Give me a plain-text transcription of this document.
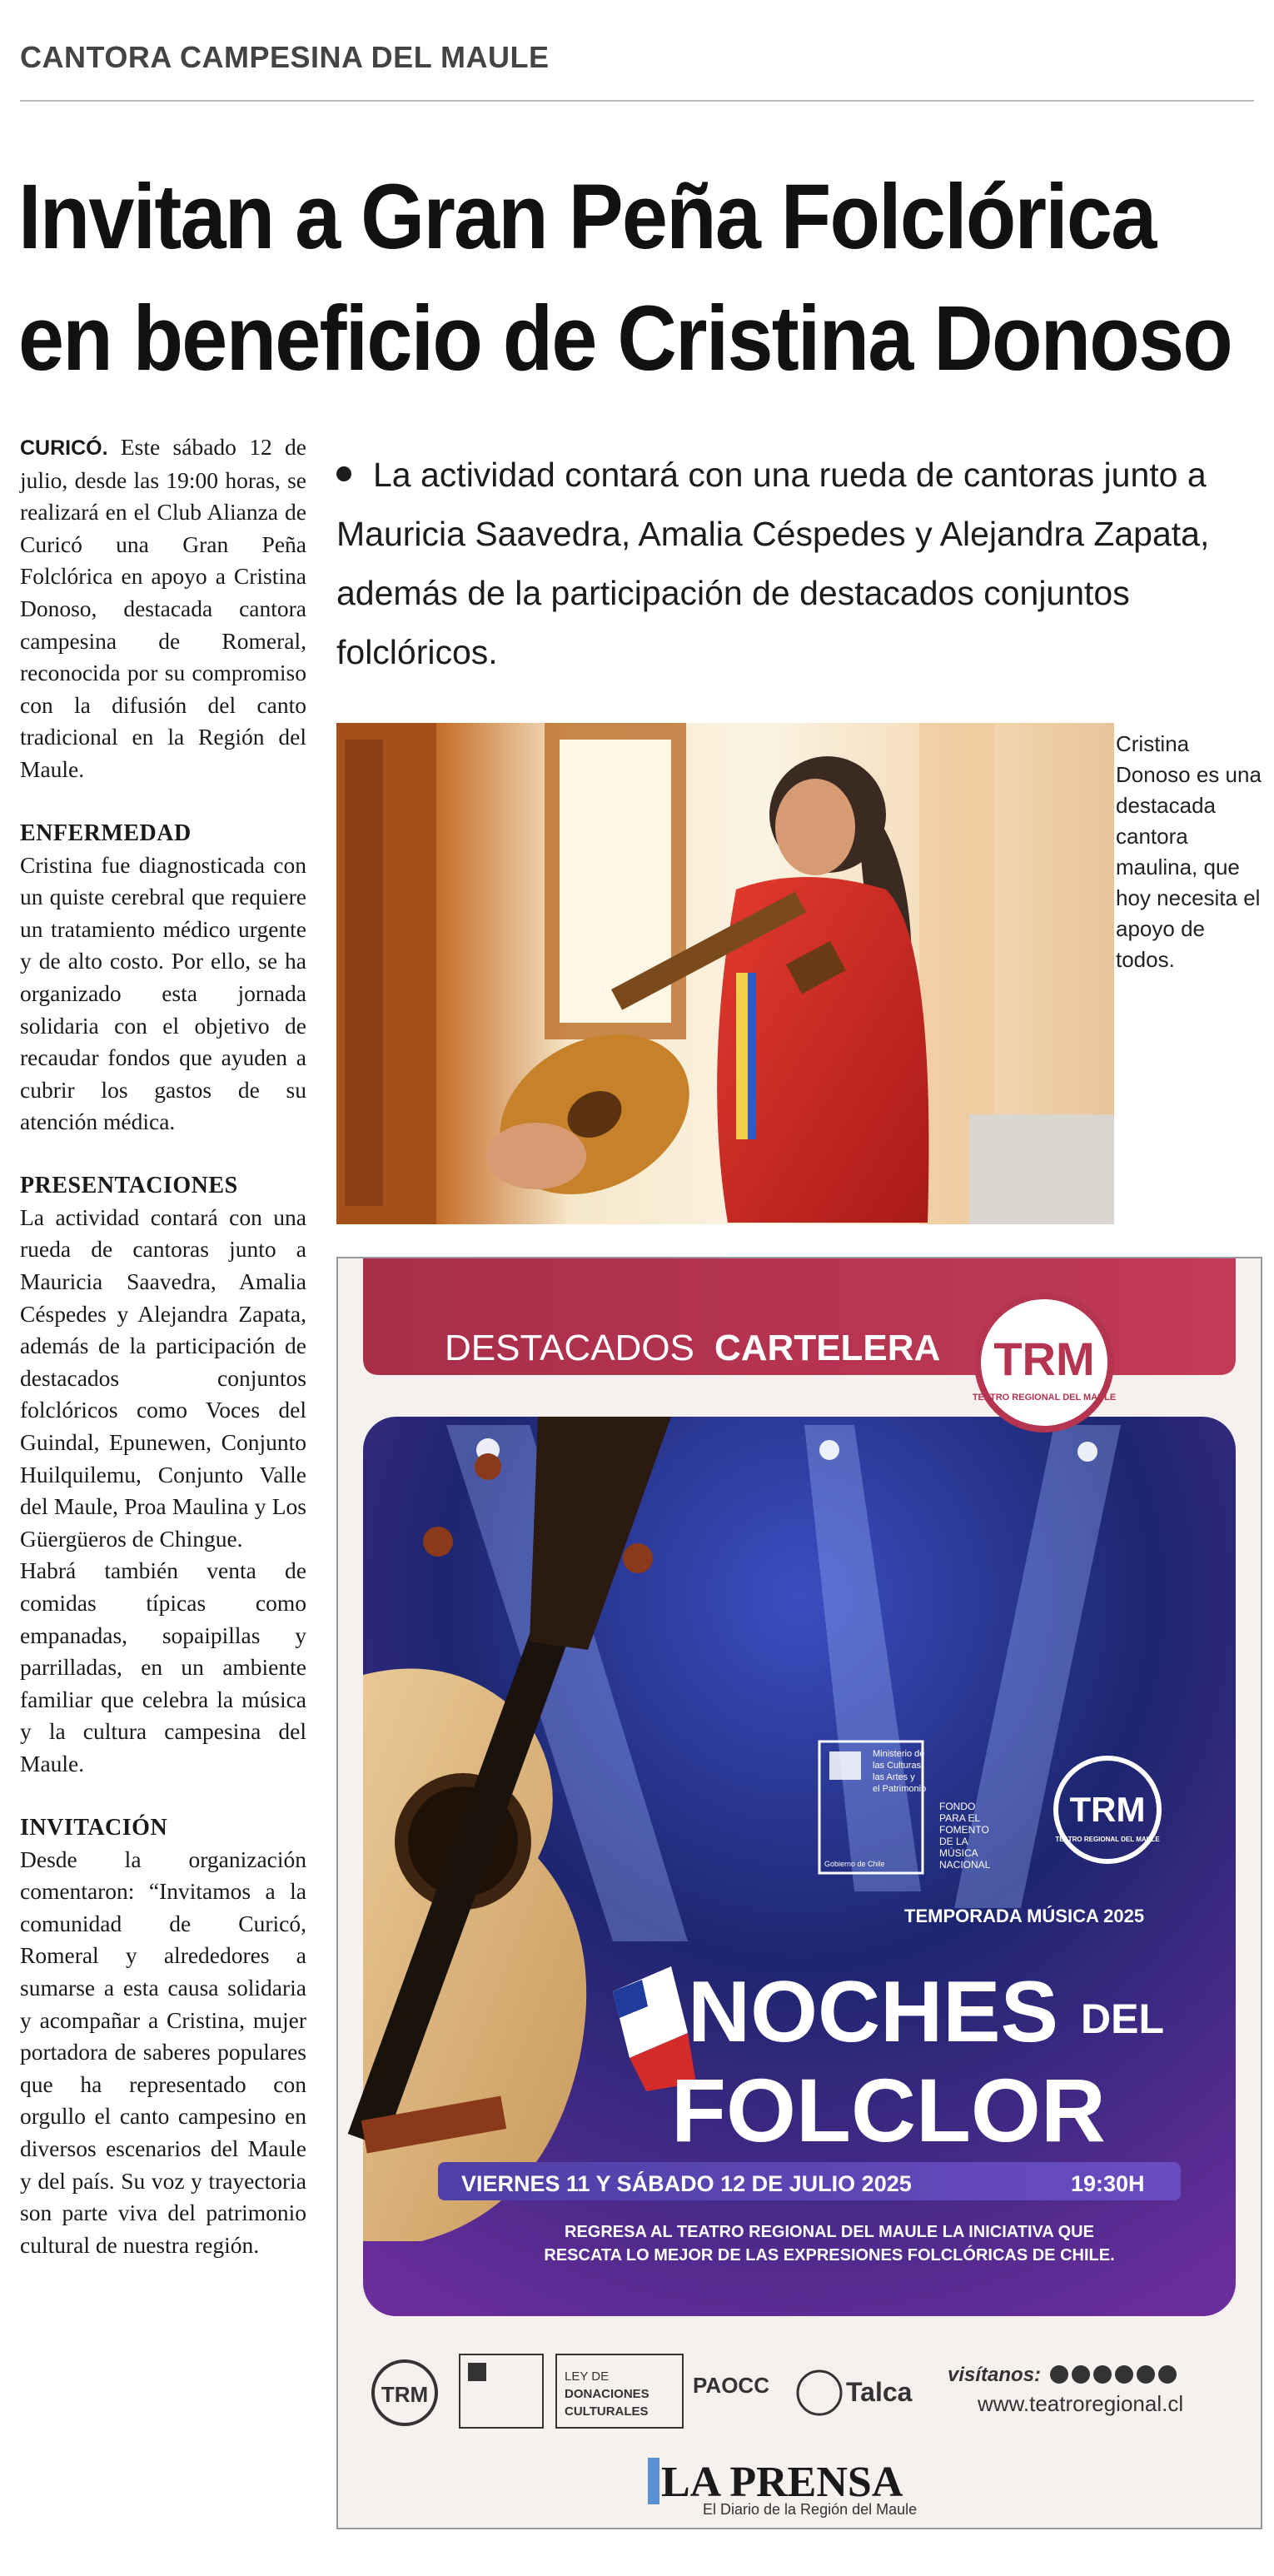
CANTORA CAMPESINA DEL MAULE
Invitan a Gran Peña Folclórica
en beneficio de Cristina Donoso

CURICÓ. Este sábado 12 de julio, desde las 19:00 horas, se realizará en el Club Alianza de Curicó una Gran Peña Folclórica en apoyo a Cristina Donoso, destacada cantora campesina de Romeral, reconocida por su compromiso con la difusión del canto tradicional en la Región del Maule.

ENFERMEDAD

Cristina fue diagnosticada con un quiste cerebral que requiere un tratamiento médico urgente y de alto costo. Por ello, se ha organizado esta jornada solidaria con el objetivo de recaudar fondos que ayuden a cubrir los gastos de su atención médica.

PRESENTACIONES

La actividad contará con una rueda de cantoras junto a Mauricia Saavedra, Amalia Céspedes y Alejandra Zapata, además de la participación de destacados conjuntos folclóricos como Voces del Guindal, Epunewen, Conjunto Huilquilemu, Conjunto Valle del Maule, Proa Maulina y Los Güergüeros de Chingue.

Habrá también venta de comidas típicas como empanadas, sopaipillas y parrilladas, en un ambiente familiar que celebra la música y la cultura campesina del Maule.

INVITACIÓN

Desde la organización comentaron: “Invitamos a la comunidad de Curicó, Romeral y alrededores a sumarse a esta causa solidaria y acompañar a Cristina, mujer portadora de saberes populares que ha representado con orgullo el canto campesino en diversos escenarios del Maule y del país. Su voz y trayectoria son parte viva del patrimonio cultural de nuestra región.

La actividad contará con una rueda de cantoras junto a Mauricia Saavedra, Amalia Céspedes y Alejandra Zapata, además de la participación de destacados conjuntos folclóricos.
Cristina Donoso es una destacada cantora maulina, que hoy necesita el apoyo de todos.
DESTACADOS CARTELERA TRM
TEATRO REGIONAL DEL MAULE
Ministerio de
las Culturas,
las Artes y
el Patrimonio
Gobierno de Chile
FONDO
PARA EL
FOMENTO
DE LA
MÚSICA
NACIONAL
TRM
TEATRO REGIONAL DEL MAULE
TEMPORADA MÚSICA 2025
NOCHES DEL
FOLCLOR
VIERNES 11 Y SÁBADO 12 DE JULIO 2025	19:30H
REGRESA AL TEATRO REGIONAL DEL MAULE LA INICIATIVA QUE
RESCATA LO MEJOR DE LAS EXPRESIONES FOLCLÓRICAS DE CHILE.
TRM
LEY DE
DONACIONES
CULTURALES
PAOCC	Talca
visítanos:
www.teatroregional.cl
LA PRENSA
El Diario de la Región del Maule
